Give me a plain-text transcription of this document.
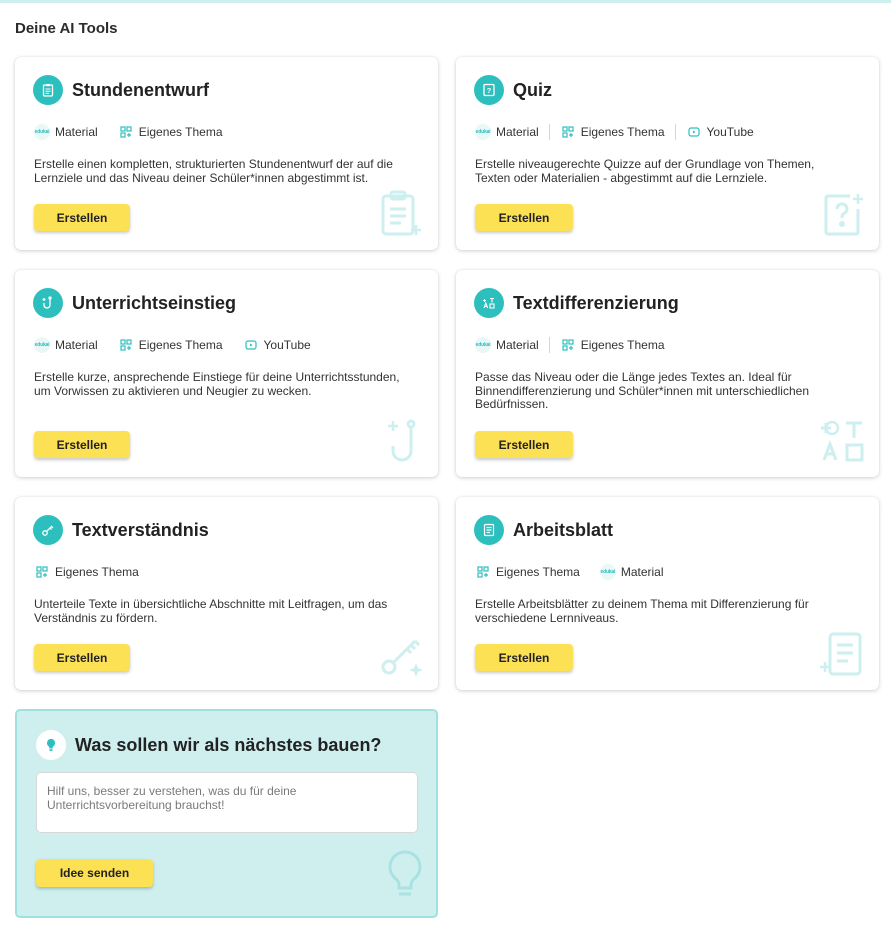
Deine AI Tools
Stundenentwurf
edukai Material	Eigenes Thema

Erstelle einen kompletten, strukturierten Stundenentwurf der auf die Lernziele und das Niveau deiner Schüler*innen abgestimmt ist.

Erstellen
? Quiz
edukai Material	Eigenes Thema	YouTube

Erstelle niveaugerechte Quizze auf der Grundlage von Themen, Texten oder Materialien - abgestimmt auf die Lernziele.

Erstellen
Unterrichtseinstieg
edukai Material	Eigenes Thema	YouTube

Erstelle kurze, ansprechende Einstiege für deine Unterrichtsstunden, um Vorwissen zu aktivieren und Neugier zu wecken.

Erstellen
Textdifferenzierung
edukai Material	Eigenes Thema

Passe das Niveau oder die Länge jedes Textes an. Ideal für Binnendifferenzierung und Schüler*innen mit unterschiedlichen Bedürfnissen.

Erstellen
Textverständnis
Eigenes Thema

Unterteile Texte in übersichtliche Abschnitte mit Leitfragen, um das Verständnis zu fördern.

Erstellen
Arbeitsblatt
Eigenes Thema	edukai Material

Erstelle Arbeitsblätter zu deinem Thema mit Differenzierung für verschiedene Lernniveaus.

Erstellen
Was sollen wir als nächstes bauen?
Hilf uns, besser zu verstehen, was du für deine Unterrichtsvorbereitung brauchst!
Idee senden
